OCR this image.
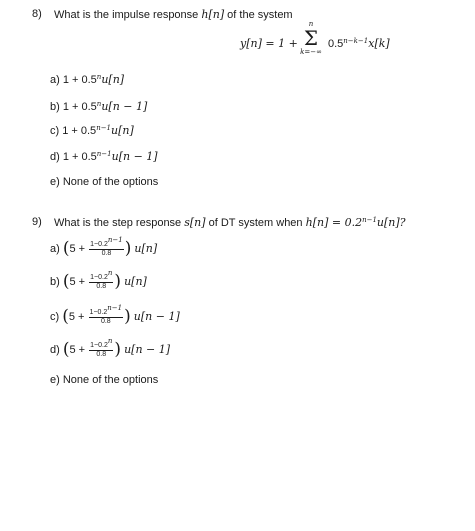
8) What is the impulse response h[n] of the system
y[n] = 1 +
n
Σ
k=−∞
$0.5^{n-k-1}x[k]$
a) $1 + 0.5^nu[n]$
b) $1 + 0.5^nu[n - 1]$
c) $1 + 0.5^{n-1}u[n]$
d) $1 + 0.5^{n-1}u[n - 1]$
e) None of the options
9) What is the step response s[n] of DT system when $h[n] = 0.2^{n-1}u[n]$?
a) ($5 + \frac{1-0.2^{n-1}}{0.8}$ ) u[n]
b) ($5 + \frac{1-0.2^n}{0.8}$ ) u[n]
c) ($5 + \frac{1-0.2^{n-1}}{0.8}$ ) u[n − 1]
d) ($5 + \frac{1-0.2^n}{0.8}$ ) u[n − 1]
e) None of the options
